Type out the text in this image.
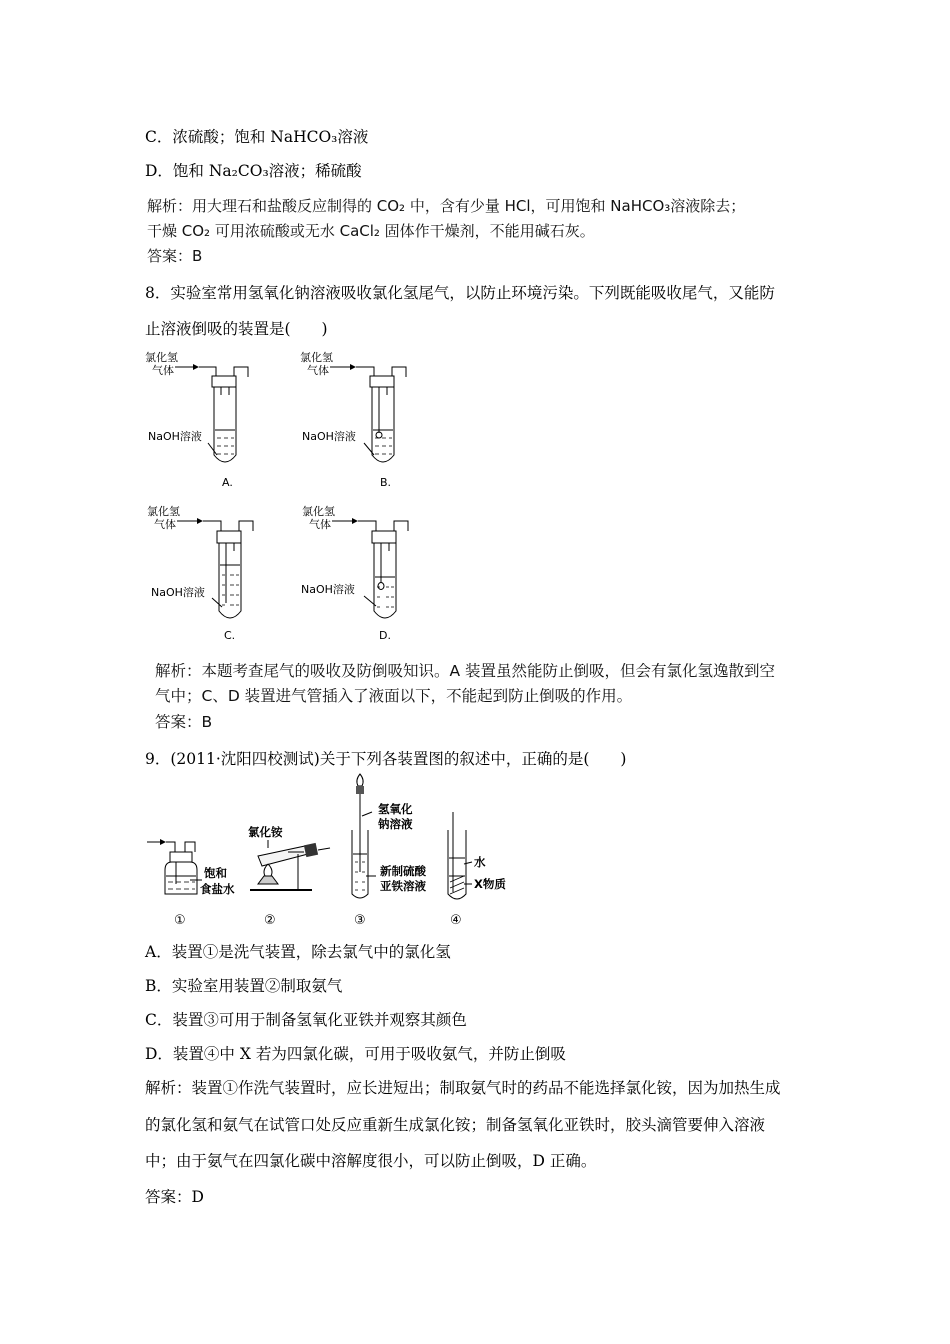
C．浓硫酸；饱和 NaHCO₃溶液
D．饱和 Na₂CO₃溶液；稀硫酸
解析：用大理石和盐酸反应制得的 CO₂ 中，含有少量 HCl，可用饱和 NaHCO₃溶液除去；
干燥 CO₂ 可用浓硫酸或无水 CaCl₂ 固体作干燥剂，不能用碱石灰。
答案：B
8．实验室常用氢氧化钠溶液吸收氯化氢尾气，以防止环境污染。下列既能吸收尾气，又能防
止溶液倒吸的装置是(　　)
氯化氢
气体
NaOH溶液
A.
氯化氢
气体
NaOH溶液
B.
氯化氢
气体
NaOH溶液
C.
氯化氢
气体
NaOH溶液
D.
解析：本题考查尾气的吸收及防倒吸知识。A 装置虽然能防止倒吸，但会有氯化氢逸散到空
气中；C、D 装置进气管插入了液面以下，不能起到防止倒吸的作用。
答案：B
9．(2011·沈阳四校测试)关于下列各装置图的叙述中，正确的是(　　)
饱和
食盐水
①
氯化铵
②
氢氧化
钠溶液
新制硫酸
亚铁溶液
③
水
X物质
④
A．装置①是洗气装置，除去氯气中的氯化氢
B．实验室用装置②制取氨气
C．装置③可用于制备氢氧化亚铁并观察其颜色
D．装置④中 X 若为四氯化碳，可用于吸收氨气，并防止倒吸
解析：装置①作洗气装置时，应长进短出；制取氨气时的药品不能选择氯化铵，因为加热生成
的氯化氢和氨气在试管口处反应重新生成氯化铵；制备氢氧化亚铁时，胶头滴管要伸入溶液
中；由于氨气在四氯化碳中溶解度很小，可以防止倒吸，D 正确。
答案：D
